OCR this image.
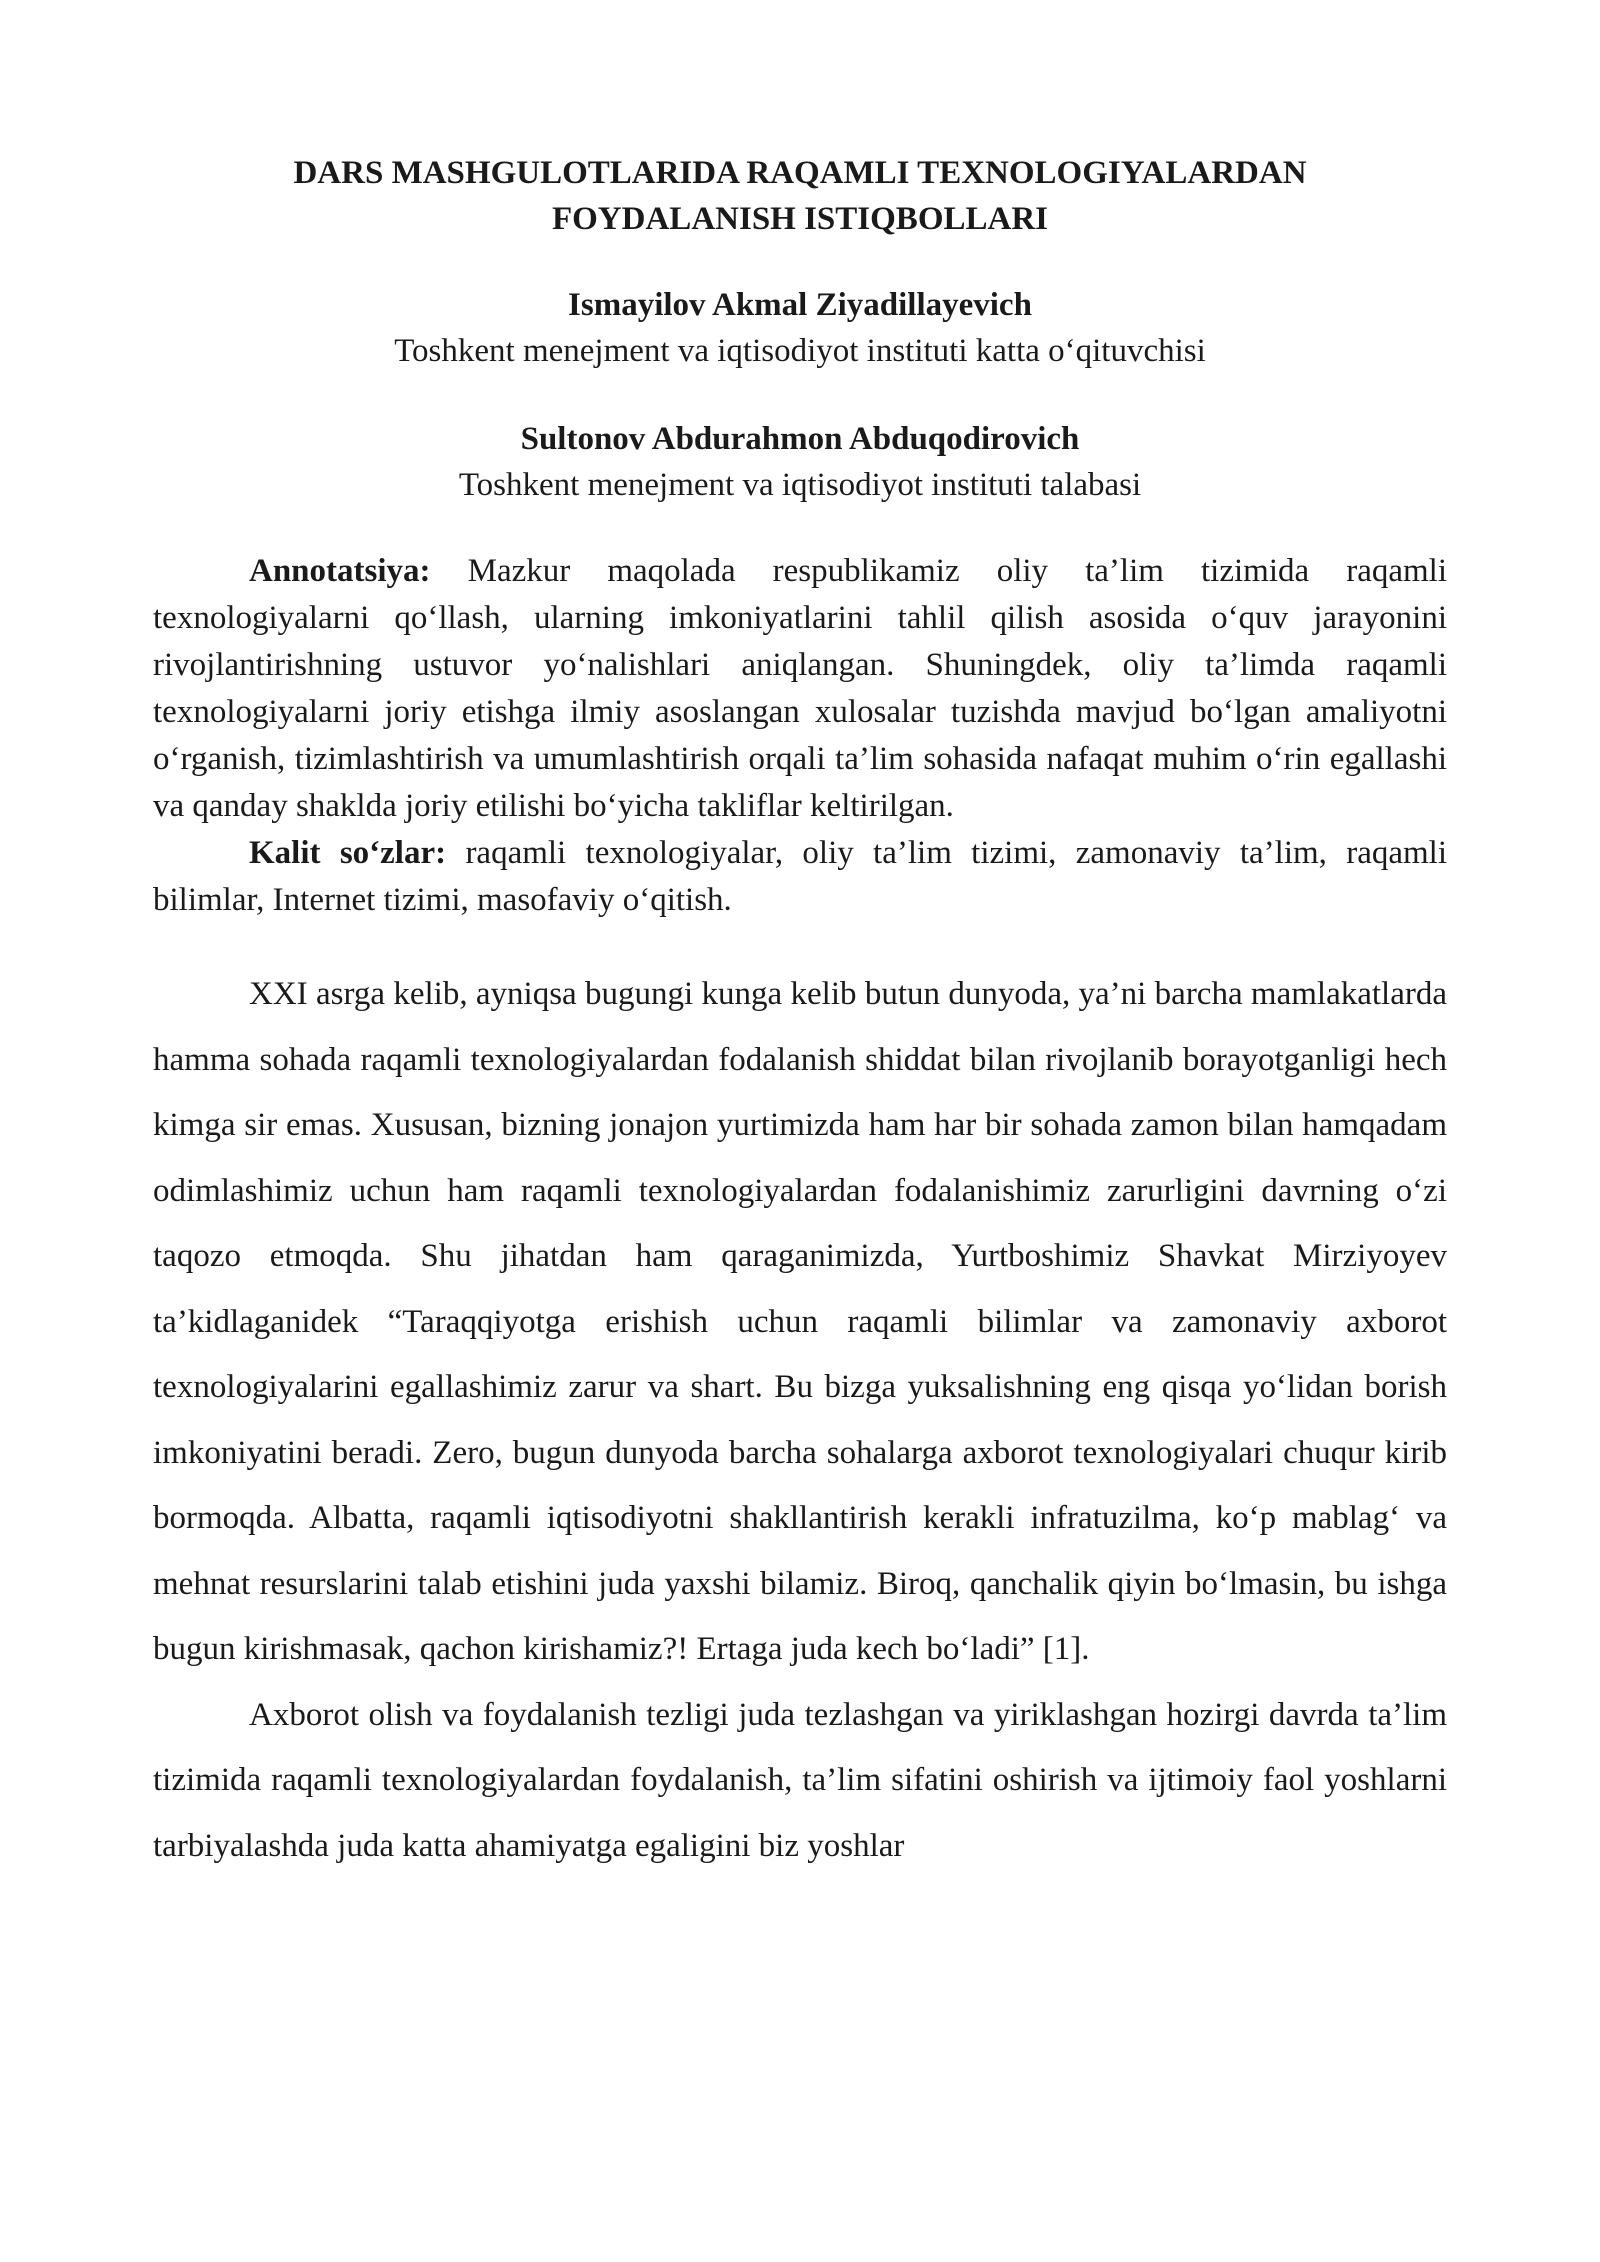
DARS MASHGULOTLARIDA RAQAMLI TEXNOLOGIYALARDAN

FOYDALANISH ISTIQBOLLARI

Ismayilov Akmal Ziyadillayevich

Toshkent menejment va iqtisodiyot instituti katta o‘qituvchisi

Sultonov Abdurahmon Abduqodirovich

Toshkent menejment va iqtisodiyot instituti talabasi

Annotatsiya: Mazkur maqolada respublikamiz oliy ta’lim tizimida raqamli texnologiyalarni qo‘llash, ularning imkoniyatlarini tahlil qilish asosida o‘quv jarayonini rivojlantirishning ustuvor yo‘nalishlari aniqlangan. Shuningdek, oliy ta’limda raqamli texnologiyalarni joriy etishga ilmiy asoslangan xulosalar tuzishda mavjud bo‘lgan amaliyotni o‘rganish, tizimlashtirish va umumlashtirish orqali ta’lim sohasida nafaqat muhim o‘rin egallashi va qanday shaklda joriy etilishi bo‘yicha takliflar keltirilgan.

Kalit so‘zlar: raqamli texnologiyalar, oliy ta’lim tizimi, zamonaviy ta’lim, raqamli bilimlar, Internet tizimi, masofaviy o‘qitish.

XXI asrga kelib, ayniqsa bugungi kunga kelib butun dunyoda, ya’ni barcha mamlakatlarda hamma sohada raqamli texnologiyalardan fodalanish shiddat bilan rivojlanib borayotganligi hech kimga sir emas. Xususan, bizning jonajon yurtimizda ham har bir sohada zamon bilan hamqadam odimlashimiz uchun ham raqamli texnologiyalardan fodalanishimiz zarurligini davrning o‘zi taqozo etmoqda. Shu jihatdan ham qaraganimizda, Yurtboshimiz Shavkat Mirziyoyev ta’kidlaganidek “Taraqqiyotga erishish uchun raqamli bilimlar va zamonaviy axborot texnologiyalarini egallashimiz zarur va shart. Bu bizga yuksalishning eng qisqa yo‘lidan borish imkoniyatini beradi. Zero, bugun dunyoda barcha sohalarga axborot texnologiyalari chuqur kirib bormoqda. Albatta, raqamli iqtisodiyotni shakllantirish kerakli infratuzilma, ko‘p mablag‘ va mehnat resurslarini talab etishini juda yaxshi bilamiz. Biroq, qanchalik qiyin bo‘lmasin, bu ishga bugun kirishmasak, qachon kirishamiz?! Ertaga juda kech bo‘ladi” [1].

Axborot olish va foydalanish tezligi juda tezlashgan va yiriklashgan hozirgi davrda ta’lim tizimida raqamli texnologiyalardan foydalanish, ta’lim sifatini oshirish va ijtimoiy faol yoshlarni tarbiyalashda juda katta ahamiyatga egaligini biz yoshlar
